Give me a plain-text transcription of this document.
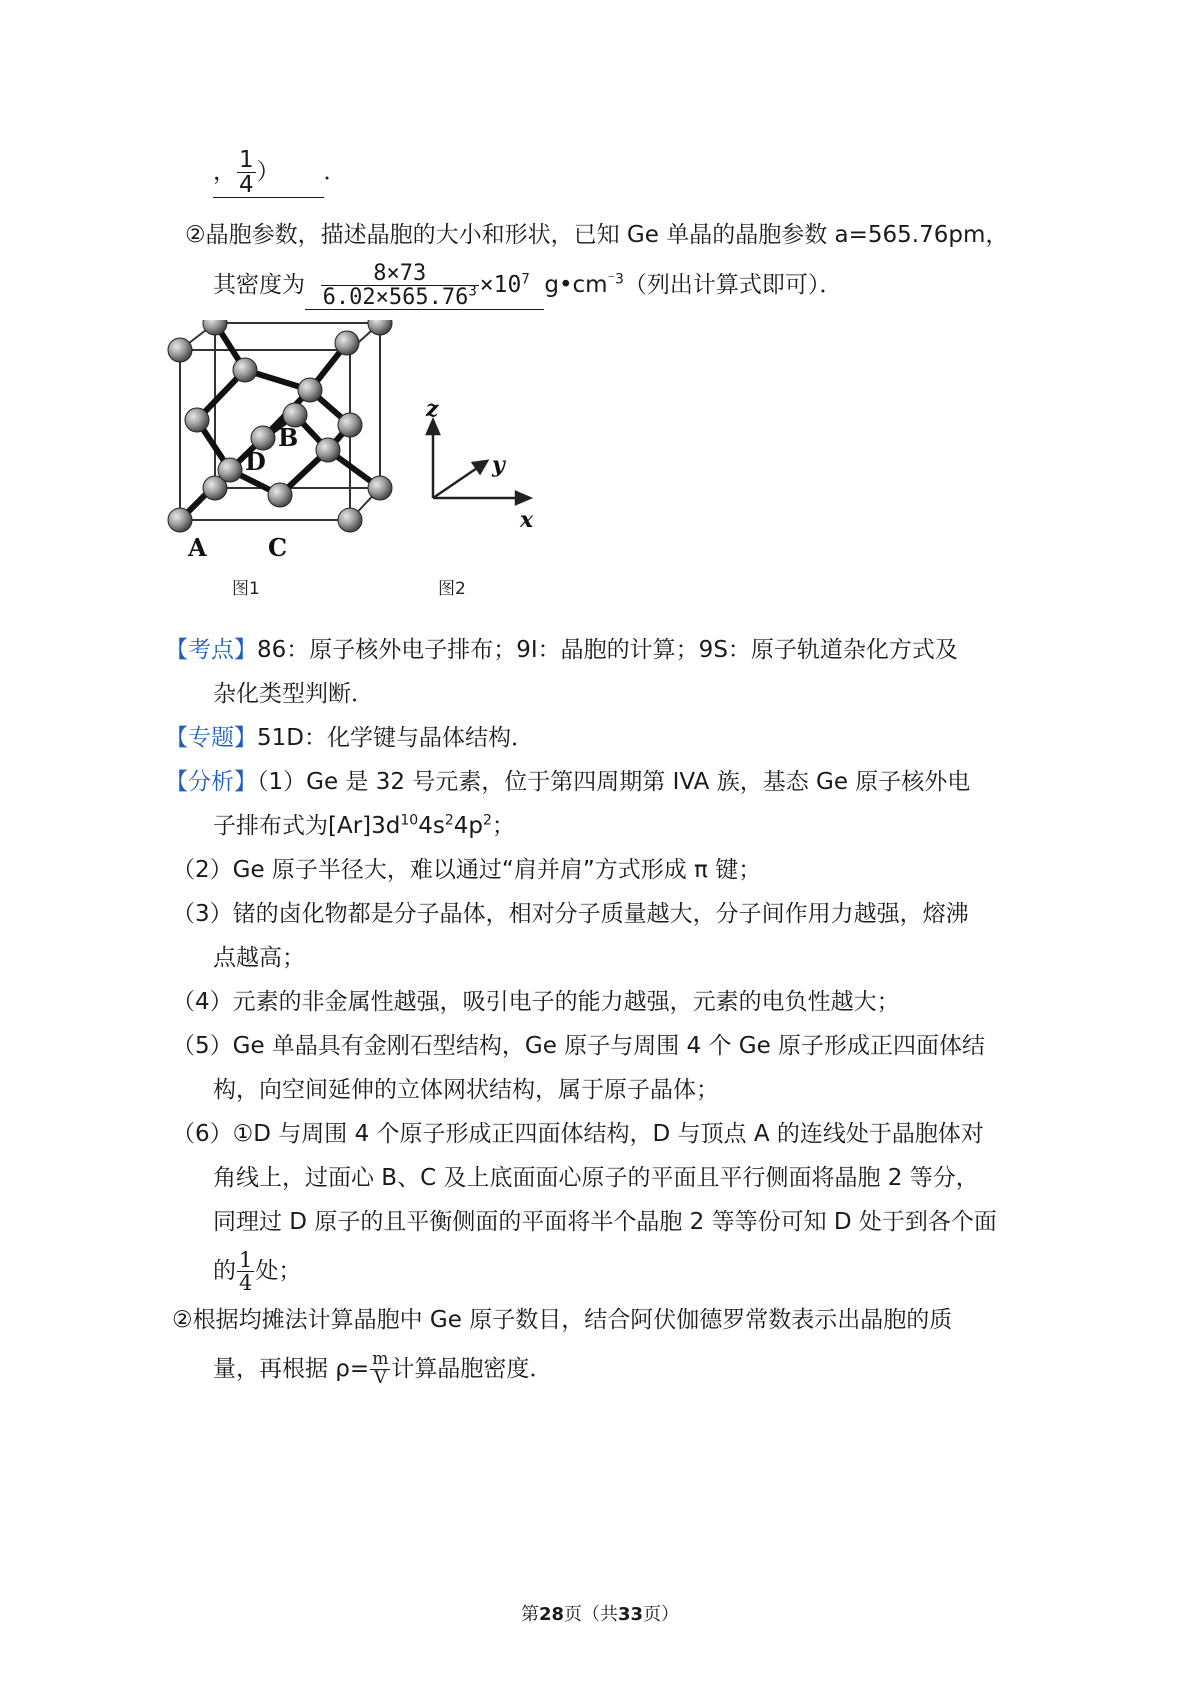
， $\frac{1}{4}$ ） ．
②晶胞参数，描述晶胞的大小和形状，已知 Ge 单晶的晶胞参数 a=565.76pm，
其密度为 $\frac{8\times 73}{6.02\times 565.76^3} \times 10^7$ $g•cm^{^-3}$（列出计算式即可）．
B
D
A	C
图1
z
y
x
图2
【考点】86：原子核外电子排布；9I：晶胞的计算；9S：原子轨道杂化方式及
杂化类型判断．
【专题】51D：化学键与晶体结构．
【分析】（1）Ge 是 32 号元素，位于第四周期第 IVA 族，基态 Ge 原子核外电
子排布式为$[Ar]3d^{10}4s^24p^2$；
（2）Ge 原子半径大，难以通过“肩并肩”方式形成 π 键；
（3）锗的卤化物都是分子晶体，相对分子质量越大，分子间作用力越强，熔沸
点越高；
（4）元素的非金属性越强，吸引电子的能力越强，元素的电负性越大；
（5）Ge 单晶具有金刚石型结构，Ge 原子与周围 4 个 Ge 原子形成正四面体结
构，向空间延伸的立体网状结构，属于原子晶体；
（6）①D 与周围 4 个原子形成正四面体结构，D 与顶点 A 的连线处于晶胞体对
角线上，过面心 B、C 及上底面面心原子的平面且平行侧面将晶胞 2 等分，
同理过 D 原子的且平衡侧面的平面将半个晶胞 2 等等份可知 D 处于到各个面
的 $\frac{1}{4}$ 处；
②根据均摊法计算晶胞中 Ge 原子数目，结合阿伏伽德罗常数表示出晶胞的质
量，再根据 $\rho= \frac{m}{V}$ 计算晶胞密度．
第28页（共33页）
